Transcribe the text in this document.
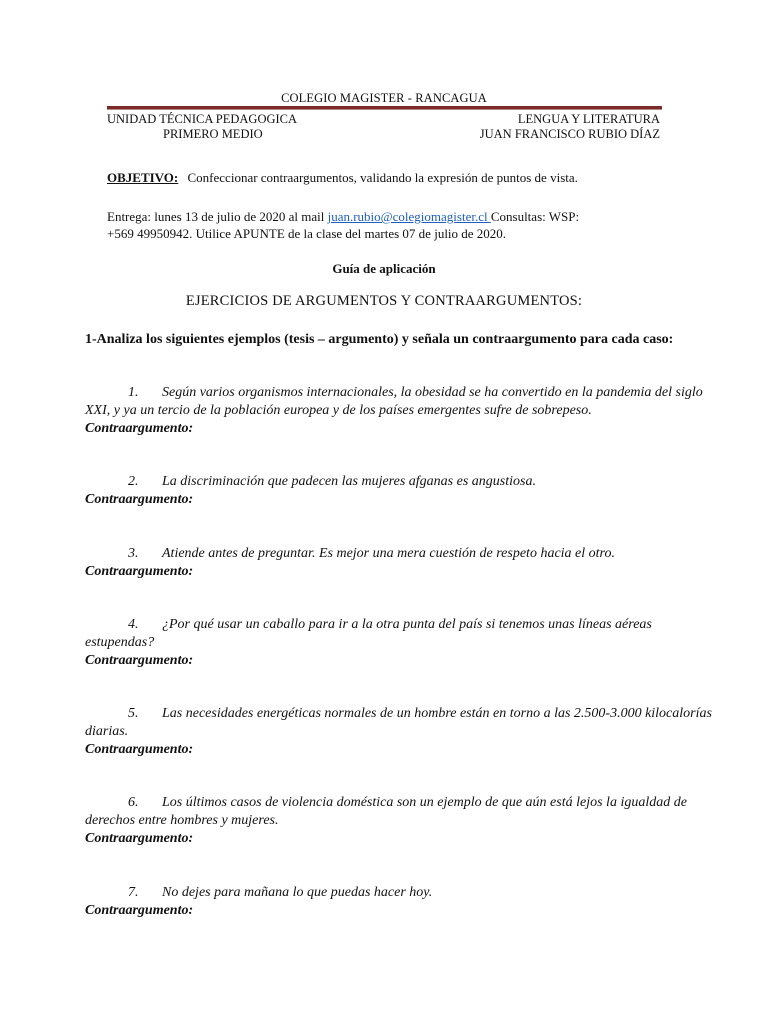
COLEGIO MAGISTER - RANCAGUA
UNIDAD TÉCNICA PEDAGOGICA
PRIMERO MEDIO
LENGUA Y LITERATURA
JUAN FRANCISCO RUBIO DÍAZ
OBJETIVO: Confeccionar contraargumentos, validando la expresión de puntos de vista.
Entrega: lunes 13 de julio de 2020 al mail juan.rubio@colegiomagister.cl Consultas: WSP: +569 49950942. Utilice APUNTE de la clase del martes 07 de julio de 2020.
Guía de aplicación
EJERCICIOS DE ARGUMENTOS Y CONTRAARGUMENTOS:
1-Analiza los siguientes ejemplos (tesis – argumento) y señala un contraargumento para cada caso:
1. Según varios organismos internacionales, la obesidad se ha convertido en la pandemia del siglo XXI, y ya un tercio de la población europea y de los países emergentes sufre de sobrepeso.
Contraargumento:
2. La discriminación que padecen las mujeres afganas es angustiosa.
Contraargumento:
3. Atiende antes de preguntar. Es mejor una mera cuestión de respeto hacia el otro.
Contraargumento:
4. ¿Por qué usar un caballo para ir a la otra punta del país si tenemos unas líneas aéreas estupendas?
Contraargumento:
5. Las necesidades energéticas normales de un hombre están en torno a las 2.500-3.000 kilocalorías diarias.
Contraargumento:
6. Los últimos casos de violencia doméstica son un ejemplo de que aún está lejos la igualdad de derechos entre hombres y mujeres.
Contraargumento:
7. No dejes para mañana lo que puedas hacer hoy.
Contraargumento:
